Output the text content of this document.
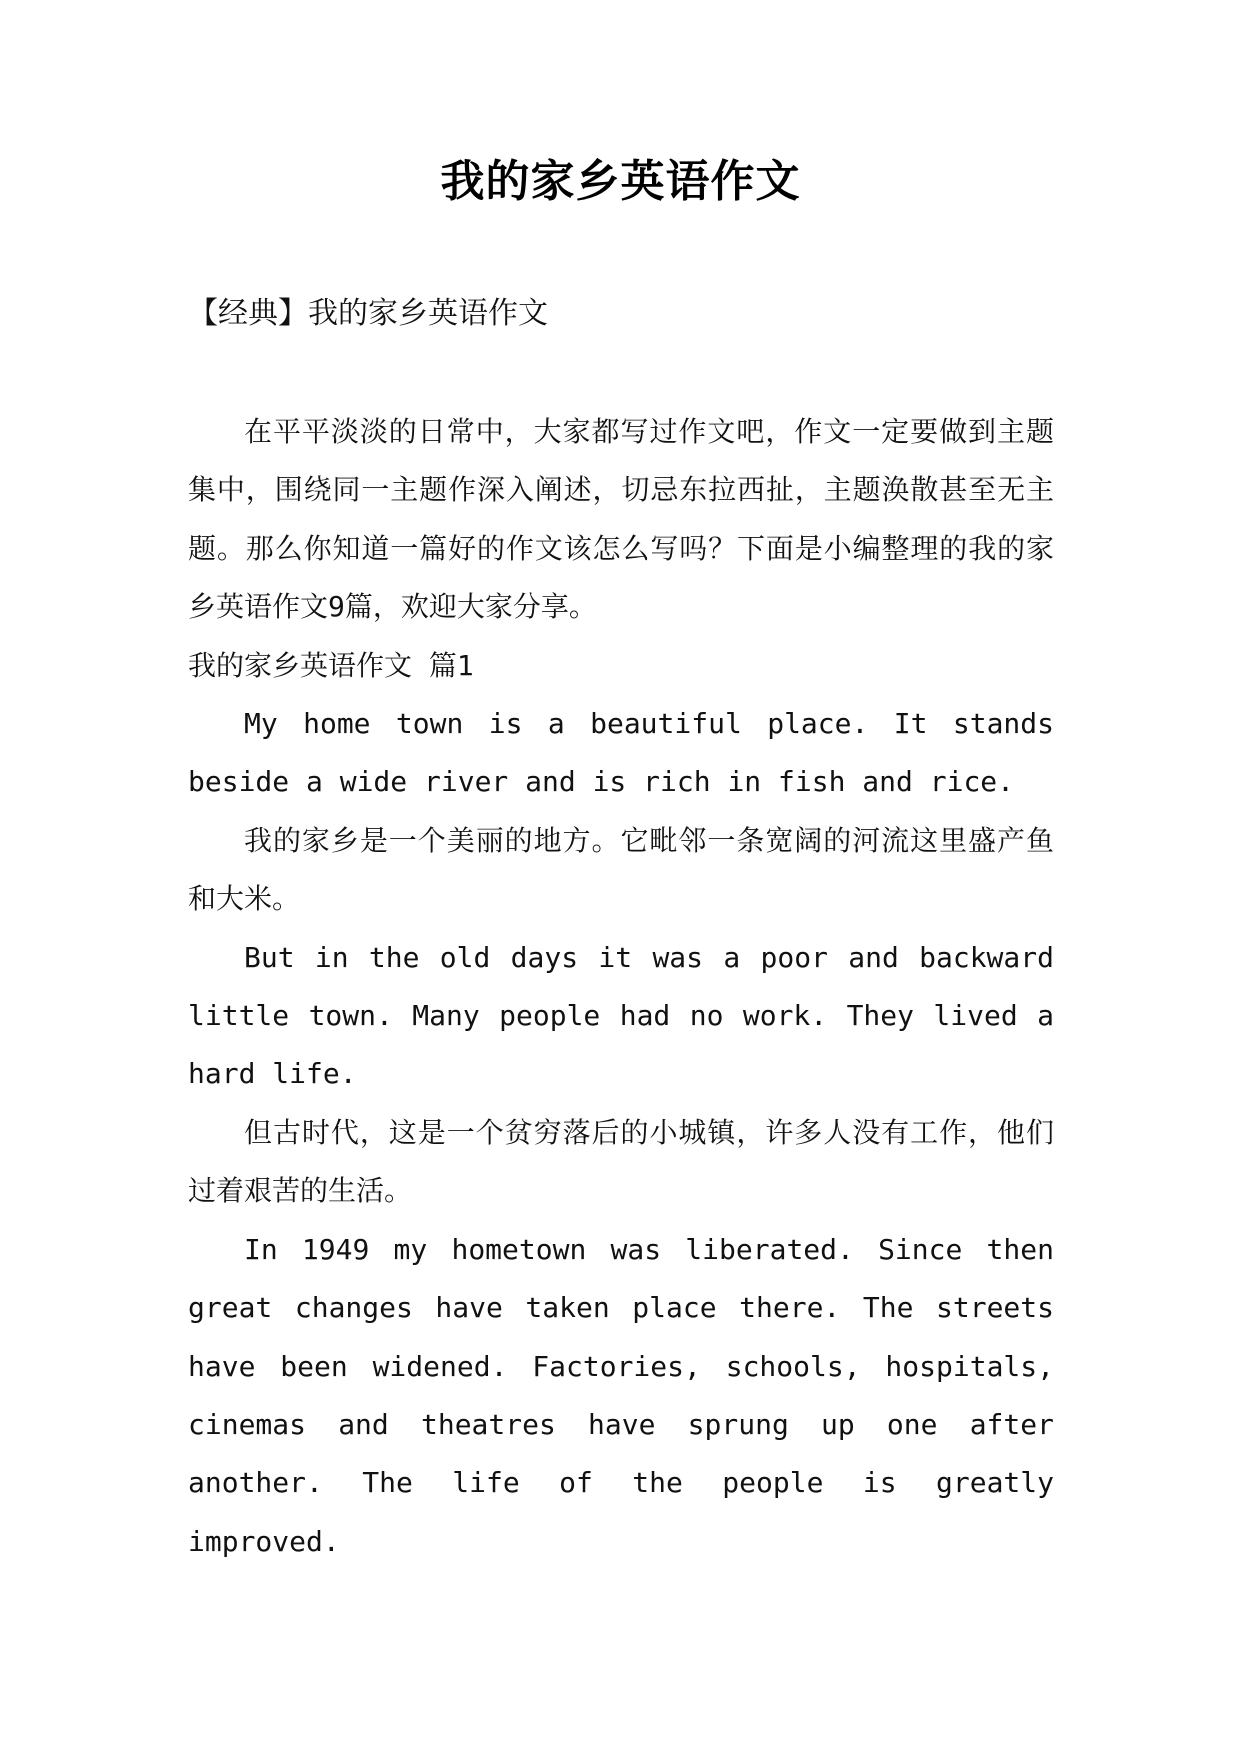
我的家乡英语作文
【经典】我的家乡英语作文

在平平淡淡的日常中，大家都写过作文吧，作文一定要做到主题集中，围绕同一主题作深入阐述，切忌东拉西扯，主题涣散甚至无主题。那么你知道一篇好的作文该怎么写吗？下面是小编整理的我的家乡英语作文9篇，欢迎大家分享。

我的家乡英语作文 篇1

My home town is a beautiful place. It stands beside a wide river and is rich in fish and rice.

我的家乡是一个美丽的地方。它毗邻一条宽阔的河流这里盛产鱼和大米。

But in the old days it was a poor and backward little town. Many people had no work. They lived a hard life.

但古时代，这是一个贫穷落后的小城镇，许多人没有工作，他们过着艰苦的生活。

In 1949 my hometown was liberated. Since then great changes have taken place there. The streets have been widened. Factories, schools, hospitals, cinemas and theatres have sprung up one after another. The life of the people is greatly improved.
